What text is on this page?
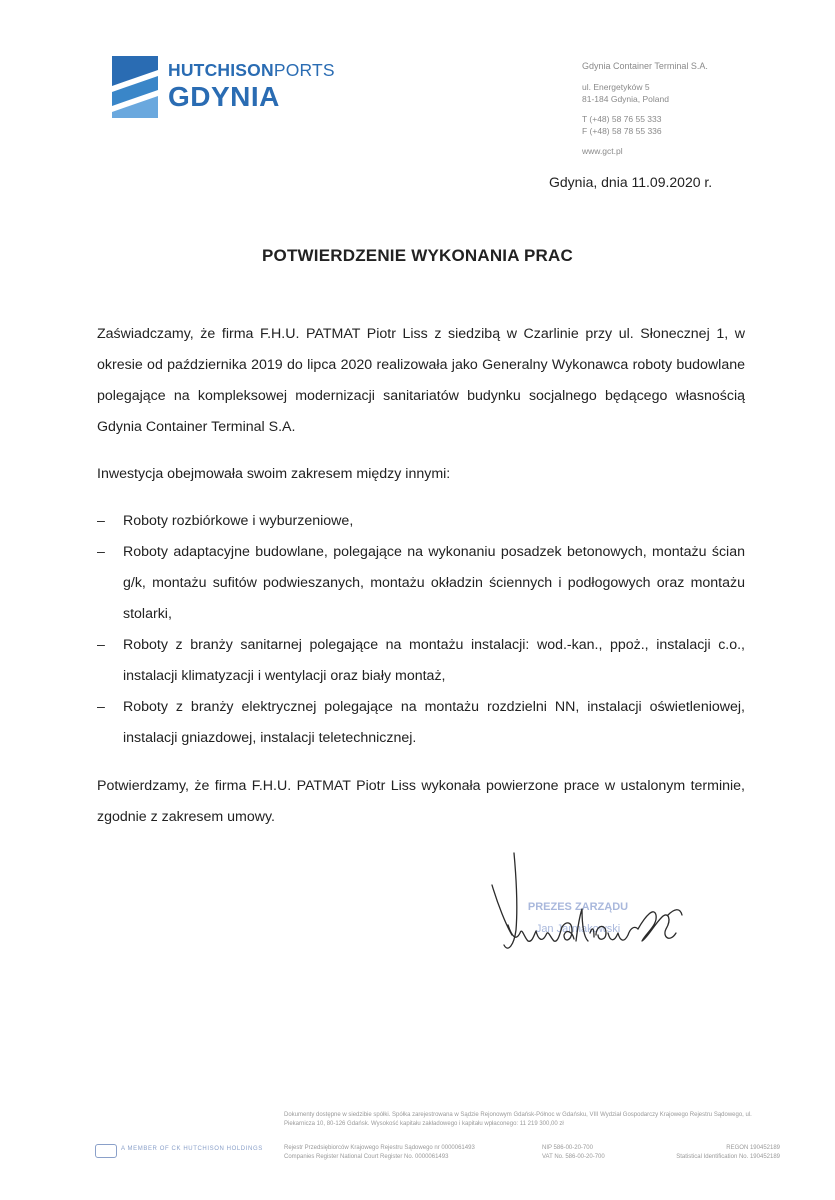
HUTCHISONPORTS
GDYNIA
Gdynia Container Terminal S.A.
ul. Energetyków 5
81-184 Gdynia, Poland
T (+48) 58 76 55 333
F (+48) 58 78 55 336
www.gct.pl
Gdynia, dnia 11.09.2020 r.
POTWIERDZENIE WYKONANIA PRAC
Zaświadczamy, że firma F.H.U. PATMAT Piotr Liss z siedzibą w Czarlinie przy ul. Słonecznej 1, w okresie od października 2019 do lipca 2020 realizowała jako Generalny Wykonawca roboty budowlane polegające na kompleksowej modernizacji sanitariatów budynku socjalnego będącego własnością Gdynia Container Terminal S.A.
Inwestycja obejmowała swoim zakresem między innymi:
– Roboty rozbiórkowe i wyburzeniowe,
– Roboty adaptacyjne budowlane, polegające na wykonaniu posadzek betonowych, montażu ścian g/k, montażu sufitów podwieszanych, montażu okładzin ściennych i podłogowych oraz montażu stolarki,
– Roboty z branży sanitarnej polegające na montażu instalacji: wod.-kan., ppoż., instalacji c.o., instalacji klimatyzacji i wentylacji oraz biały montaż,
– Roboty z branży elektrycznej polegające na montażu rozdzielni NN, instalacji oświetleniowej, instalacji gniazdowej, instalacji teletechnicznej.
Potwierdzamy, że firma F.H.U. PATMAT Piotr Liss wykonała powierzone prace w ustalonym terminie, zgodnie z zakresem umowy.
PREZES ZARZĄDU
Jan Jarmakowski
A MEMBER OF CK HUTCHISON HOLDINGS
Dokumenty dostępne w siedzibie spółki. Spółka zarejestrowana w Sądzie Rejonowym Gdańsk-Północ w Gdańsku, VIII Wydział Gospodarczy Krajowego Rejestru Sądowego, ul. Piekarnicza 10, 80-126 Gdańsk. Wysokość kapitału zakładowego i kapitału wpłaconego: 11 219 300,00 zł
Rejestr Przedsiębiorców Krajowego Rejestru Sądowego nr 0000061493
Companies Register National Court Register No. 0000061493
NIP 586-00-20-700
VAT No. 586-00-20-700
REGON 190452189
Statistical Identification No. 190452189
